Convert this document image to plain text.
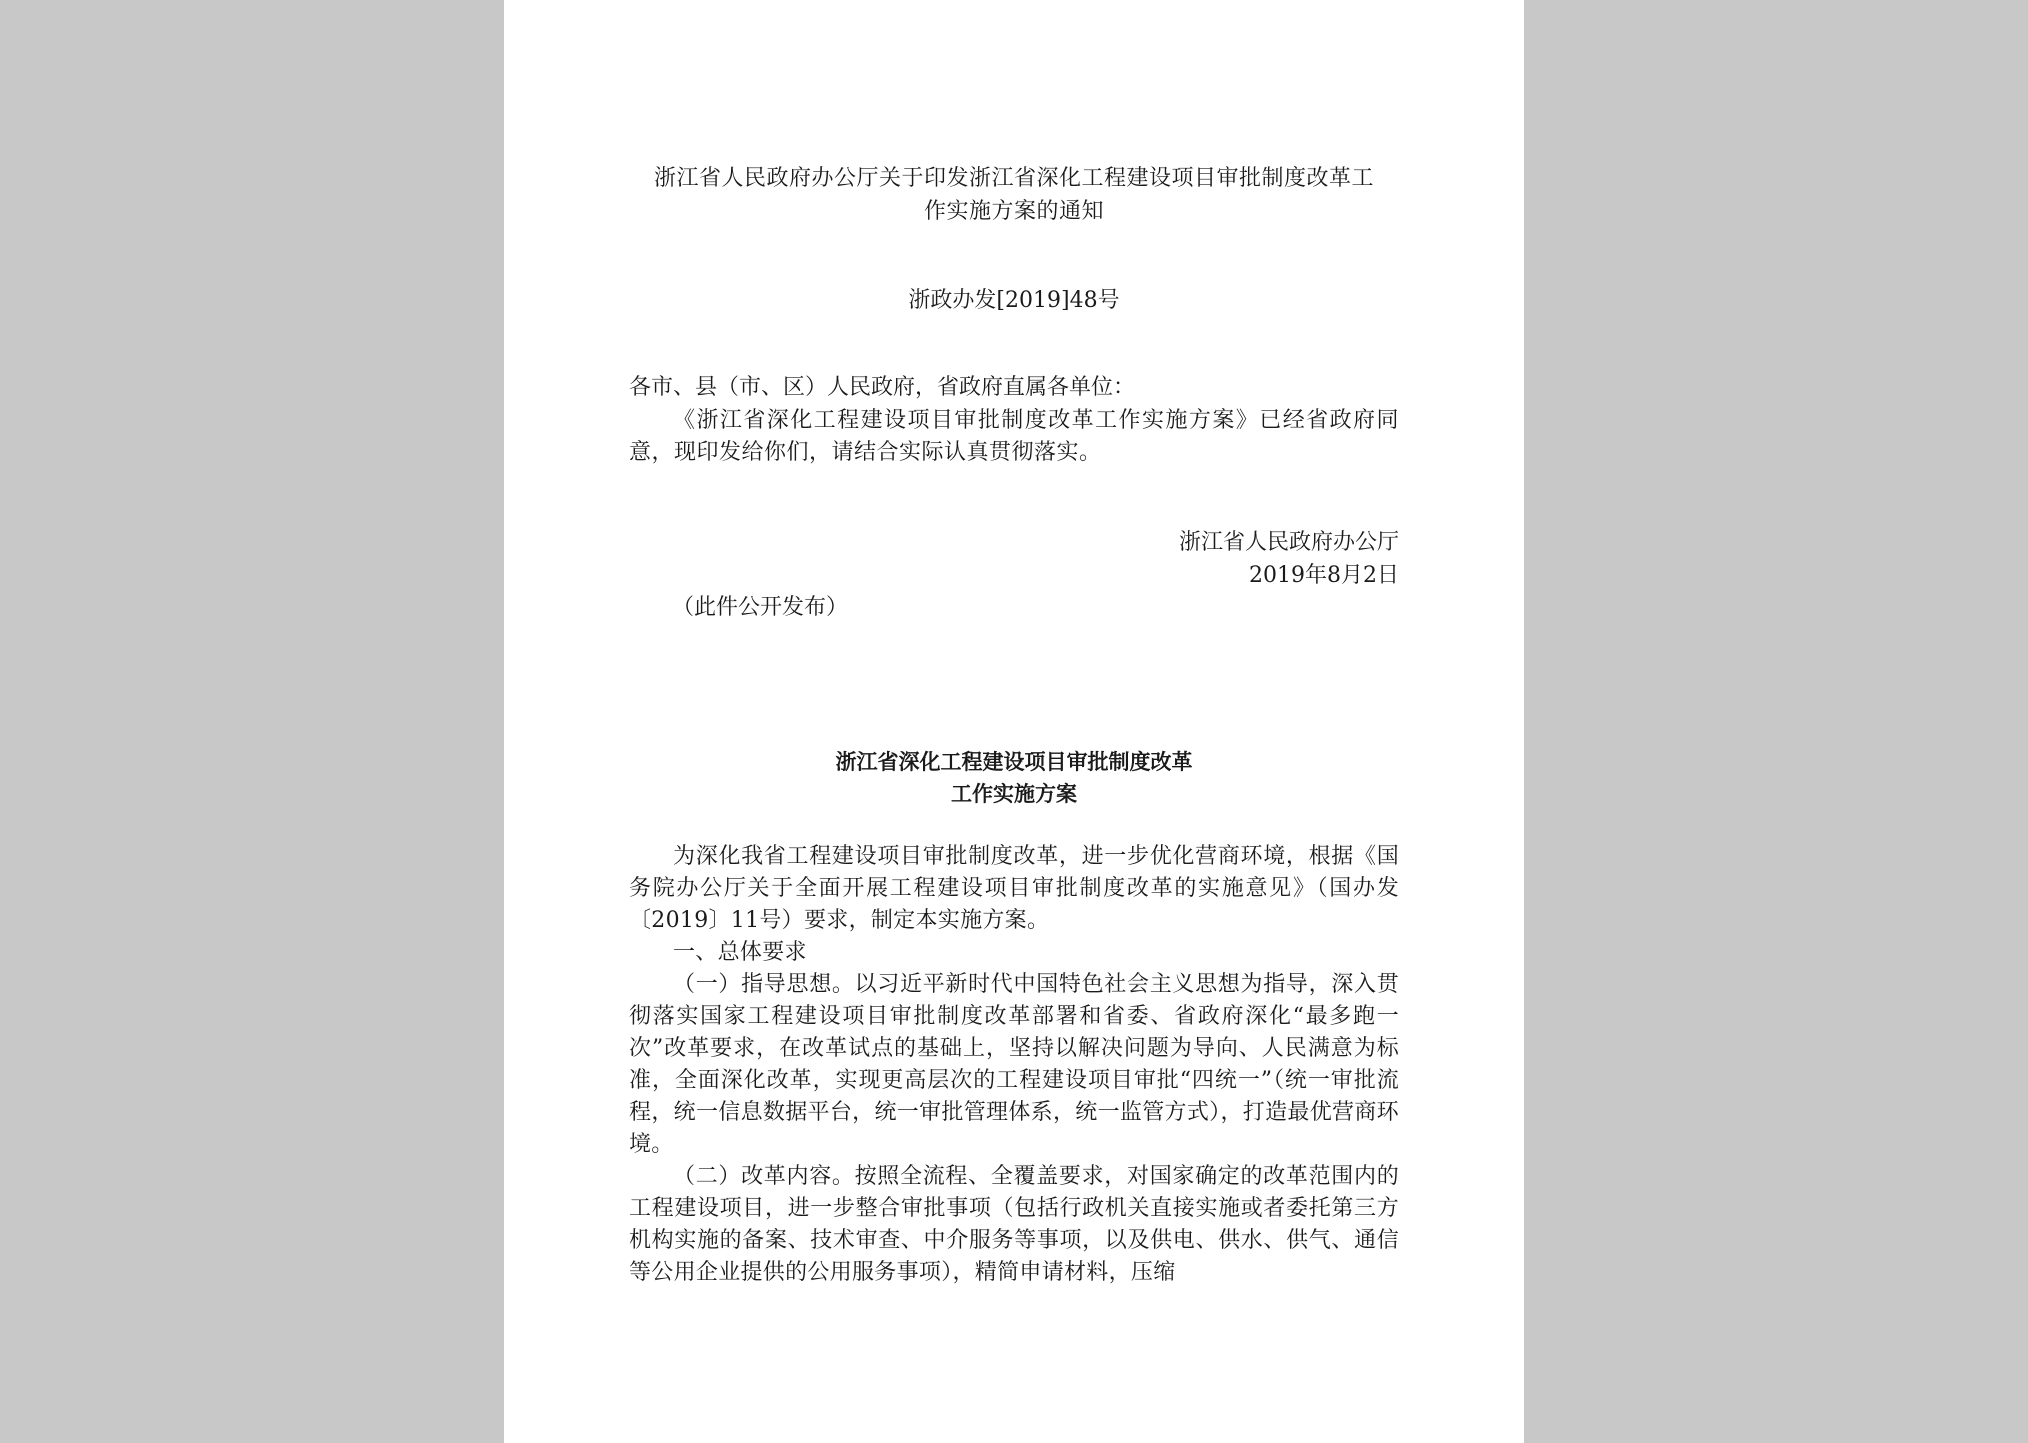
浙江省人民政府办公厅关于印发浙江省深化工程建设项目审批制度改革工
作实施方案的通知
浙政办发[2019]48号
各市、县（市、区）人民政府，省政府直属各单位：
《浙江省深化工程建设项目审批制度改革工作实施方案》已经省政府同意，现印发给你们，请结合实际认真贯彻落实。
浙江省人民政府办公厅
2019年8月2日
（此件公开发布）
浙江省深化工程建设项目审批制度改革
工作实施方案

为深化我省工程建设项目审批制度改革，进一步优化营商环境，根据《国务院办公厅关于全面开展工程建设项目审批制度改革的实施意见》（国办发〔2019〕11号）要求，制定本实施方案。

一、总体要求

（一）指导思想。以习近平新时代中国特色社会主义思想为指导，深入贯彻落实国家工程建设项目审批制度改革部署和省委、省政府深化“最多跑一次”改革要求，在改革试点的基础上，坚持以解决问题为导向、人民满意为标准，全面深化改革，实现更高层次的工程建设项目审批“四统一”（统一审批流程，统一信息数据平台，统一审批管理体系，统一监管方式），打造最优营商环境。

（二）改革内容。按照全流程、全覆盖要求，对国家确定的改革范围内的工程建设项目，进一步整合审批事项（包括行政机关直接实施或者委托第三方机构实施的备案、技术审查、中介服务等事项，以及供电、供水、供气、通信等公用企业提供的公用服务事项），精简申请材料，压缩
